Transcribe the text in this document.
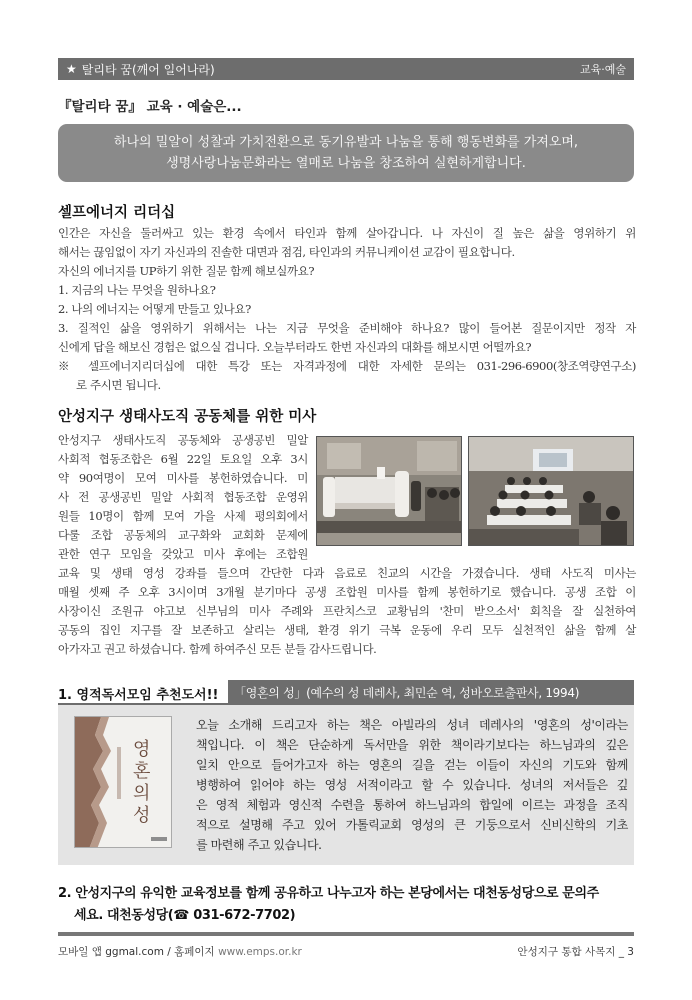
★ 탈리타 꿈(깨어 일어나라)	교육·예술
『탈리타 꿈』 교육 · 예술은...
하나의 밀알이 성찰과 가치전환으로 동기유발과 나눔을 통해 행동변화를 가져오며,
생명사랑나눔문화라는 열매로 나눔을 창조하여 실현하게합니다.
셀프에너지 리더십
인간은 자신을 둘러싸고 있는 환경 속에서 타인과 함께 살아갑니다. 나 자신이 질 높은 삶을 영위하기 위
해서는 끊임없이 자기 자신과의 진솔한 대면과 점검, 타인과의 커뮤니케이션 교감이 필요합니다.
자신의 에너지를 UP하기 위한 질문 함께 해보실까요?
1. 지금의 나는 무엇을 원하나요?
2. 나의 에너지는 어떻게 만들고 있나요?
3. 질적인 삶을 영위하기 위해서는 나는 지금 무엇을 준비해야 하나요? 많이 들어본 질문이지만 정작 자
신에게 답을 해보신 경험은 없으실 겁니다. 오늘부터라도 한번 자신과의 대화를 해보시면 어떨까요?
※ 셀프에너지리더십에 대한 특강 또는 자격과정에 대한 자세한 문의는 031-296-6900(창조역량연구소)
로 주시면 됩니다.
안성지구 생태사도직 공동체를 위한 미사
안성지구 생태사도직 공동체와 공생공빈 밀알
사회적 협동조합은 6월 22일 토요일 오후 3시
약 90여명이 모여 미사를 봉헌하였습니다. 미
사 전 공생공빈 밀알 사회적 협동조합 운영위
원들 10명이 함께 모여 가을 사제 평의회에서
다룰 조합 공동체의 교구화와 교회화 문제에
관한 연구 모임을 갖았고 미사 후에는 조합원
교육 및 생태 영성 강좌를 들으며 간단한 다과 음료로 친교의 시간을 가졌습니다. 생태 사도직 미사는
매월 셋째 주 오후 3시이며 3개월 분기마다 공생 조합원 미사를 함께 봉헌하기로 했습니다. 공생 조합 이
사장이신 조원규 야고보 신부님의 미사 주례와 프란치스코 교황님의 '찬미 받으소서' 회칙을 잘 실천하여
공동의 집인 지구를 잘 보존하고 살리는 생태, 환경 위기 극복 운동에 우리 모두 실천적인 삶을 함께 살
아가자고 권고 하셨습니다. 함께 하여주신 모든 분들 감사드립니다.
1. 영적독서모임 추천도서!!	「영혼의 성」(예수의 성 데레사, 최민순 역, 성바오로출판사, 1994)
영혼의 성
오늘 소개해 드리고자 하는 책은 아빌라의 성녀 데레사의 '영혼의 성'이라는
책입니다. 이 책은 단순하게 독서만을 위한 책이라기보다는 하느님과의 깊은
일치 안으로 들어가고자 하는 영혼의 길을 걷는 이들이 자신의 기도와 함께
병행하여 읽어야 하는 영성 서적이라고 할 수 있습니다. 성녀의 저서들은 깊
은 영적 체험과 영신적 수련을 통하여 하느님과의 합일에 이르는 과정을 조직
적으로 설명해 주고 있어 가톨릭교회 영성의 큰 기둥으로서 신비신학의 기초
를 마련해 주고 있습니다.
2. 안성지구의 유익한 교육정보를 함께 공유하고 나누고자 하는 본당에서는 대천동성당으로 문의주
세요. 대천동성당(☎ 031-672-7702)
모바일 앱 ggmal.com / 홈페이지 www.emps.or.kr	안성지구 통합 사목지 _ 3
